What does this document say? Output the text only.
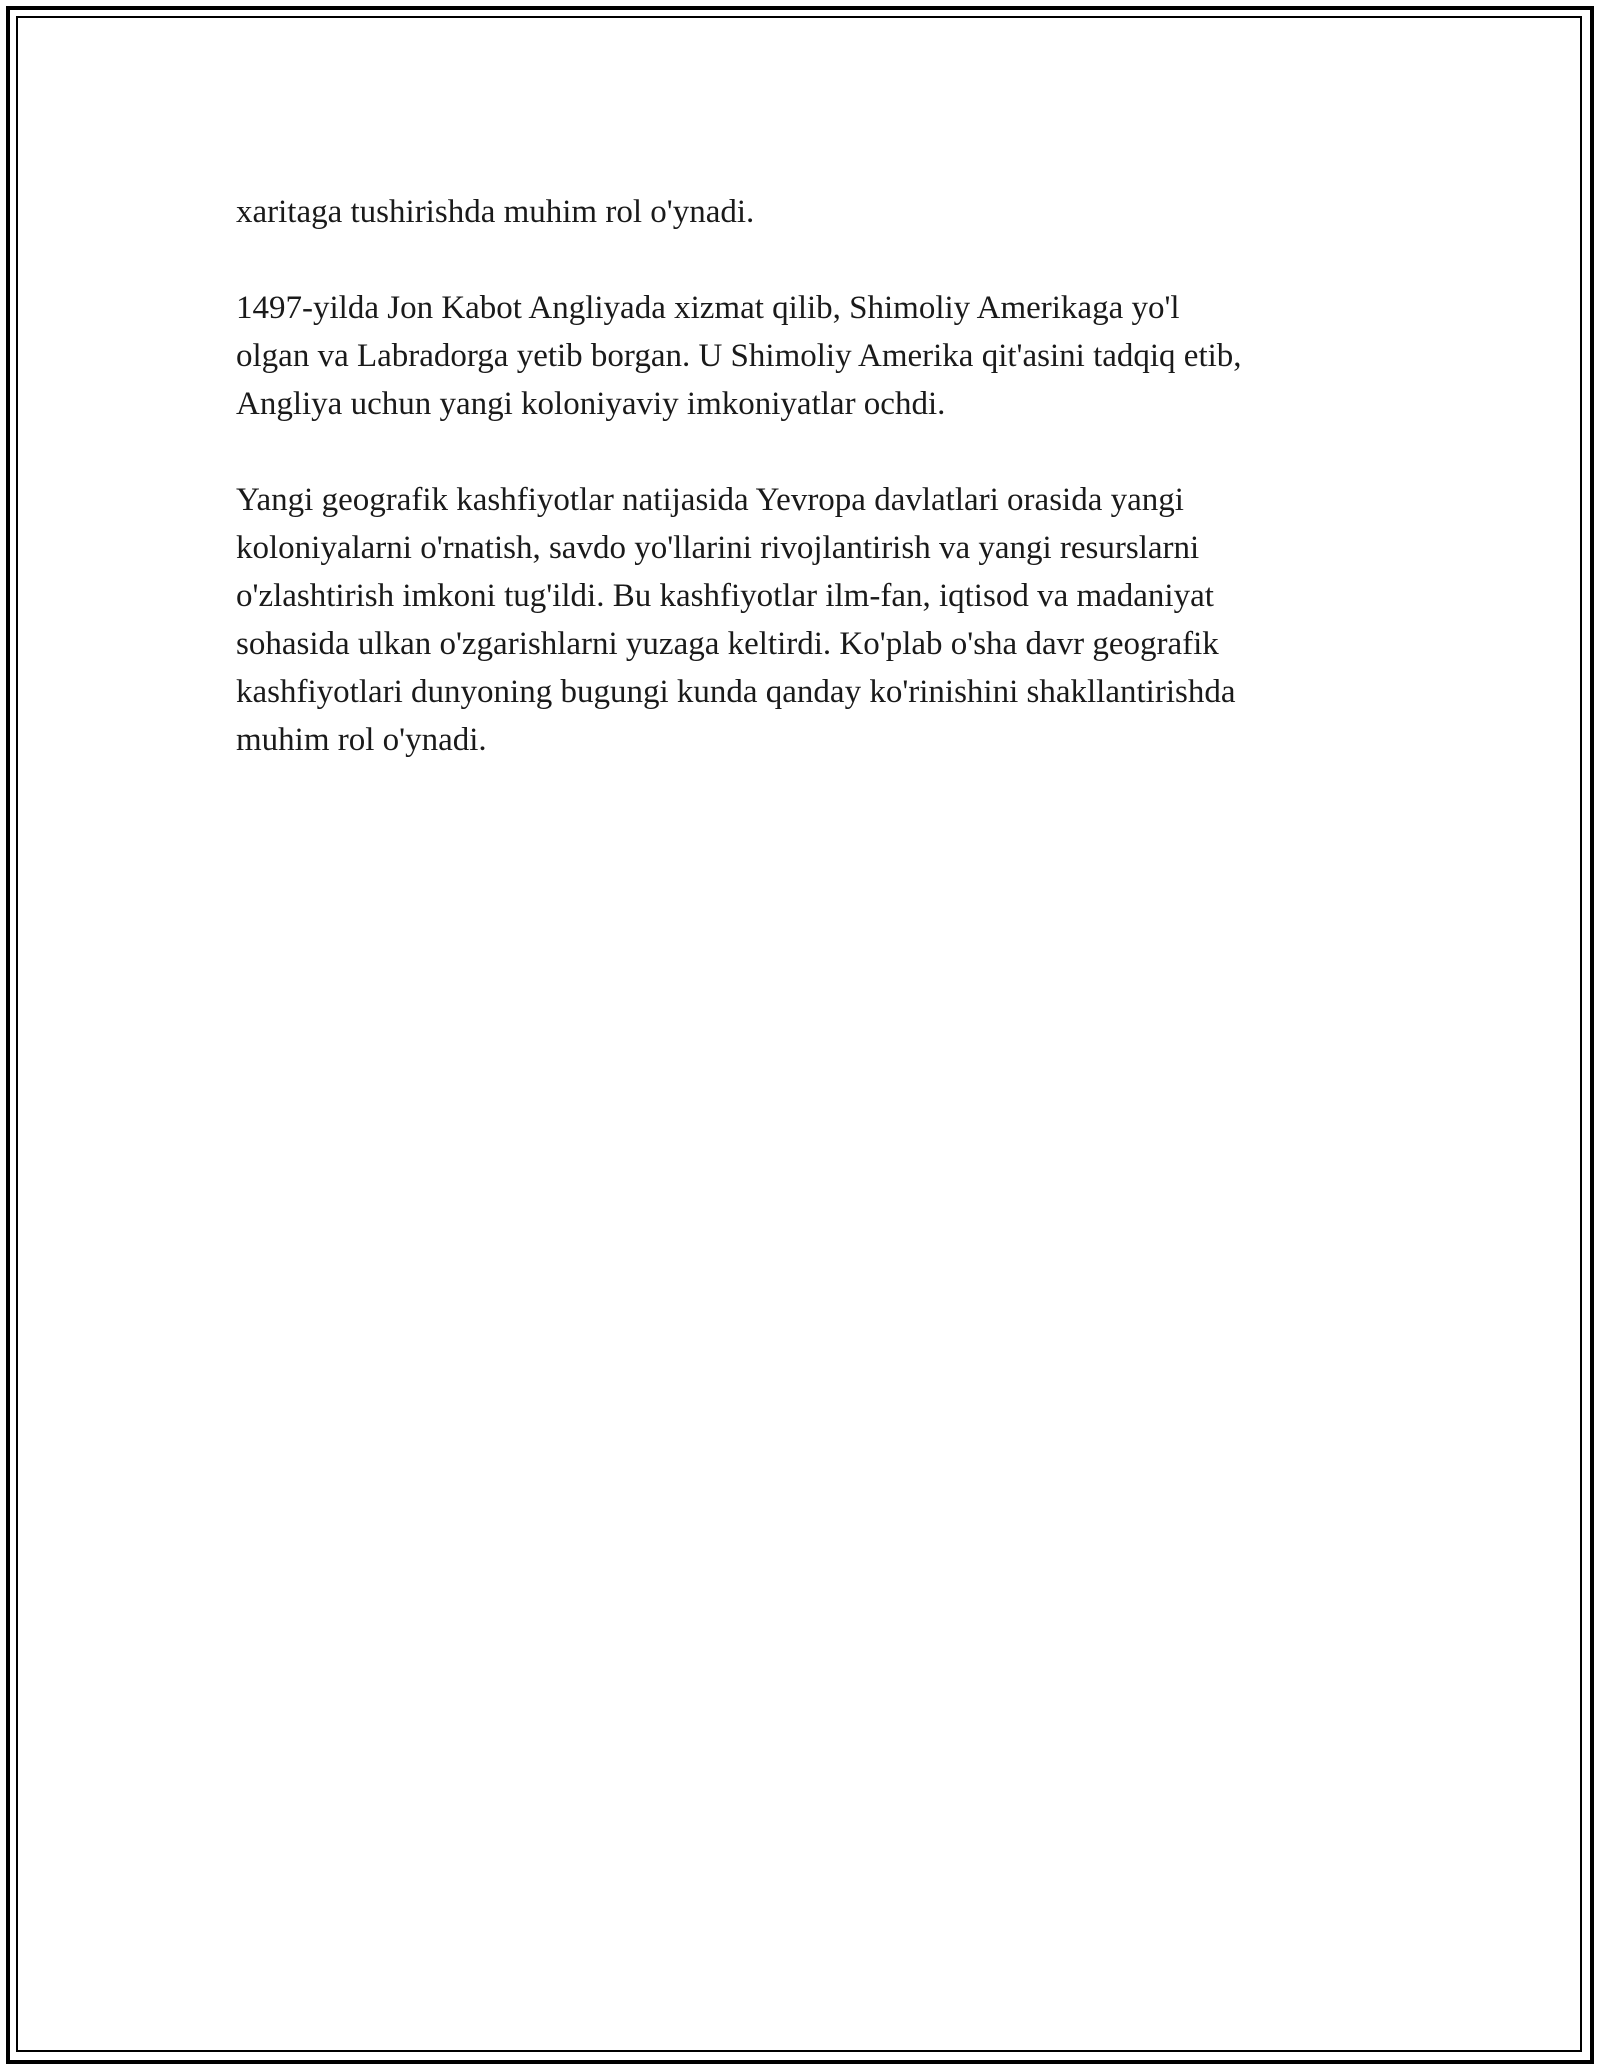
xaritaga tushirishda muhim rol o'ynadi.

1497-yilda Jon Kabot Angliyada xizmat qilib, Shimoliy Amerikaga yo'l
olgan va Labradorga yetib borgan. U Shimoliy Amerika qit'asini tadqiq etib,
Angliya uchun yangi koloniyaviy imkoniyatlar ochdi.

Yangi geografik kashfiyotlar natijasida Yevropa davlatlari orasida yangi
koloniyalarni o'rnatish, savdo yo'llarini rivojlantirish va yangi resurslarni
o'zlashtirish imkoni tug'ildi. Bu kashfiyotlar ilm-fan, iqtisod va madaniyat
sohasida ulkan o'zgarishlarni yuzaga keltirdi. Ko'plab o'sha davr geografik
kashfiyotlari dunyoning bugungi kunda qanday ko'rinishini shakllantirishda
muhim rol o'ynadi.
